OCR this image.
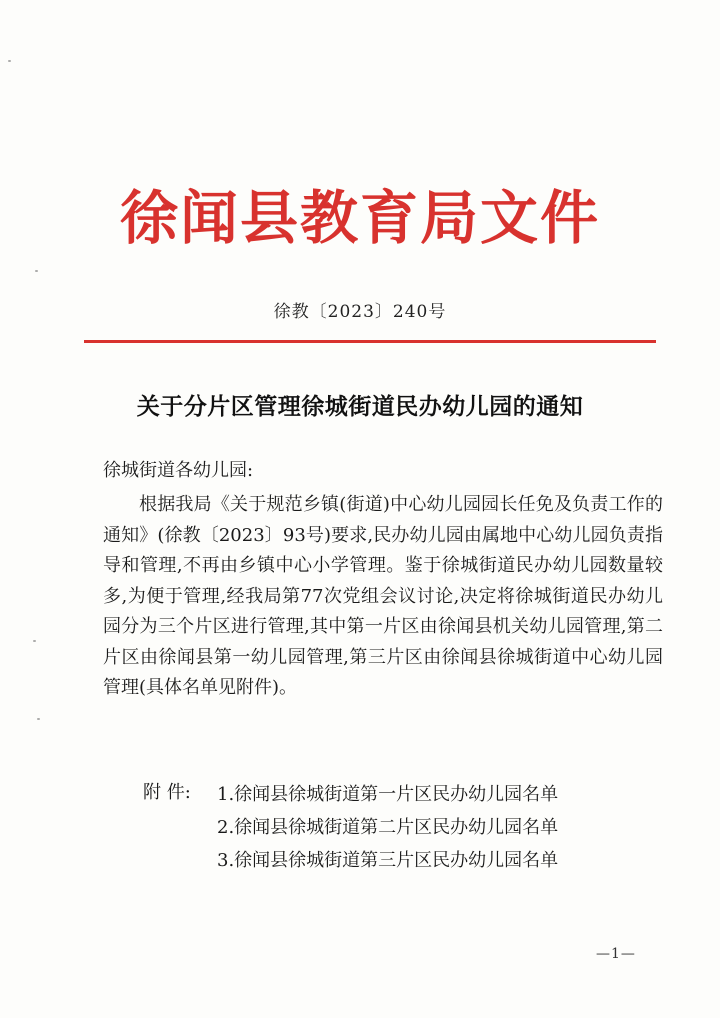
徐闻县教育局文件
徐教〔2023〕240号
关于分片区管理徐城街道民办幼儿园的通知
徐城街道各幼儿园:
根据我局《关于规范乡镇(街道)中心幼儿园园长任免及负责工作的通知》(徐教〔2023〕93号)要求,民办幼儿园由属地中心幼儿园负责指导和管理,不再由乡镇中心小学管理。鉴于徐城街道民办幼儿园数量较多,为便于管理,经我局第77次党组会议讨论,决定将徐城街道民办幼儿园分为三个片区进行管理,其中第一片区由徐闻县机关幼儿园管理,第二片区由徐闻县第一幼儿园管理,第三片区由徐闻县徐城街道中心幼儿园管理(具体名单见附件)。
附 件: 1.徐闻县徐城街道第一片区民办幼儿园名单
2.徐闻县徐城街道第二片区民办幼儿园名单
3.徐闻县徐城街道第三片区民办幼儿园名单
—1—
